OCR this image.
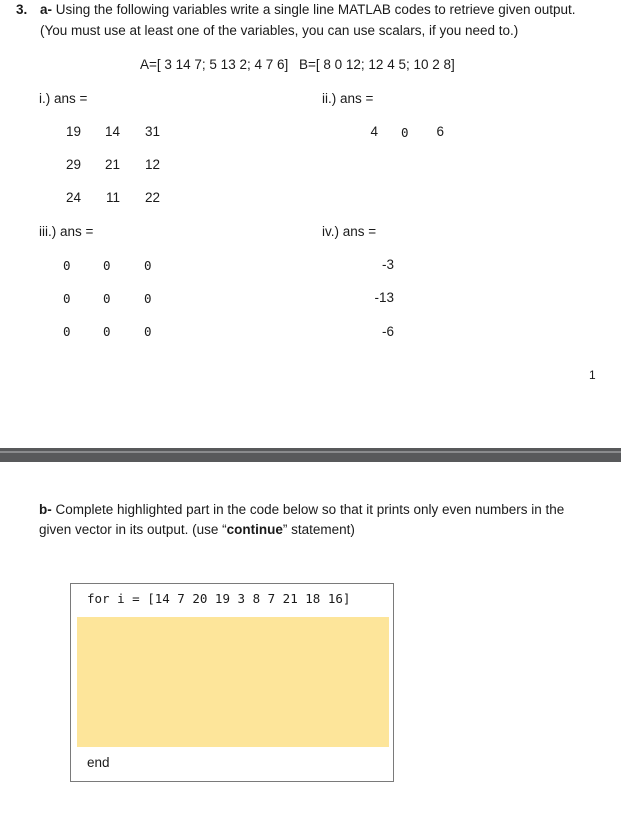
3. a- Using the following variables write a single line MATLAB codes to retrieve given output.
(You must use at least one of the variables, you can use scalars, if you need to.)
A=[ 3 14 7; 5 13 2; 4 7 6] B=[ 8 0 12; 12 4 5; 10 2 8]
i.) ans =
19	14	31
29	21	12
24	11	22
ii.) ans =
4 0	6
iii.) ans =
0	0	0
0	0	0
0	0	0
iv.) ans =
-3
-13
-6
1
b- Complete highlighted part in the code below so that it prints only even numbers in the
given vector in its output. (use “continue” statement)
for i = [14 7 20 19 3 8 7 21 18 16]
end
